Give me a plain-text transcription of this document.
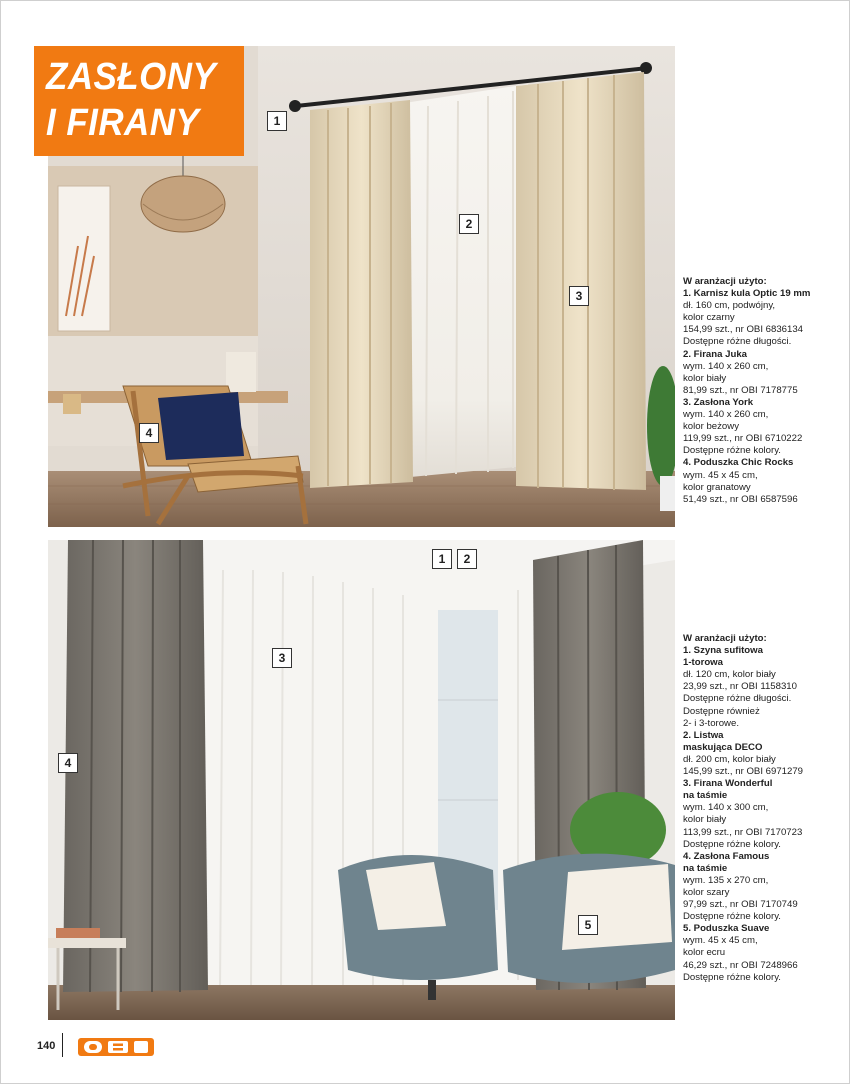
ZASŁONY
I FIRANY	1
2
3
4
1	2
3
4
5
W aranżacji użyto:
1. Karnisz kula Optic 19 mm
dł. 160 cm, podwójny,
kolor czarny
154,99 szt., nr OBI 6836134
Dostępne różne długości.
2. Firana Juka
wym. 140 x 260 cm,
kolor biały
81,99 szt., nr OBI 7178775
3. Zasłona York
wym. 140 x 260 cm,
kolor beżowy
119,99 szt., nr OBI 6710222
Dostępne różne kolory.
4. Poduszka Chic Rocks
wym. 45 x 45 cm,
kolor granatowy
51,49 szt., nr OBI 6587596
W aranżacji użyto:
1. Szyna sufitowa
1-torowa
dł. 120 cm, kolor biały
23,99 szt., nr OBI 1158310
Dostępne różne długości.
Dostępne również
2- i 3-torowe.
2. Listwa
maskująca DECO
dł. 200 cm, kolor biały
145,99 szt., nr OBI 6971279
3. Firana Wonderful
na taśmie
wym. 140 x 300 cm,
kolor biały
113,99 szt., nr OBI 7170723
Dostępne różne kolory.
4. Zasłona Famous
na taśmie
wym. 135 x 270 cm,
kolor szary
97,99 szt., nr OBI 7170749
Dostępne różne kolory.
5. Poduszka Suave
wym. 45 x 45 cm,
kolor ecru
46,29 szt., nr OBI 7248966
Dostępne różne kolory.
140
